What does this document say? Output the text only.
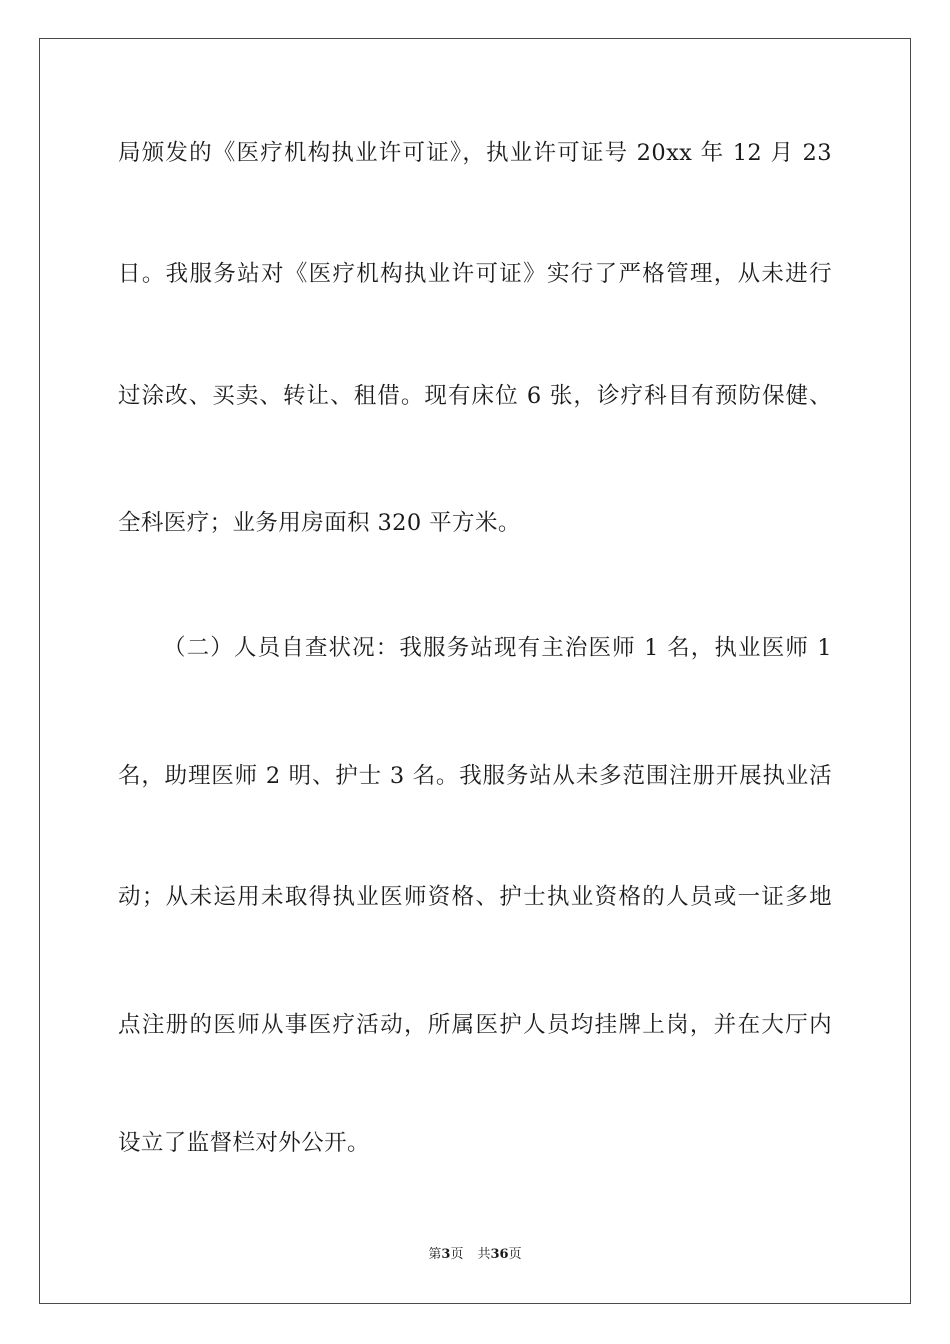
局颁发的《医疗机构执业许可证》，执业许可证号 20xx 年 12 月 23
日。我服务站对《医疗机构执业许可证》实行了严格管理，从未进行
过涂改、买卖、转让、租借。现有床位 6 张，诊疗科目有预防保健、
全科医疗；业务用房面积 320 平方米。
（二）人员自查状况：我服务站现有主治医师 1 名，执业医师 1
名，助理医师 2 明、护士 3 名。我服务站从未多范围注册开展执业活
动；从未运用未取得执业医师资格、护士执业资格的人员或一证多地
点注册的医师从事医疗活动，所属医护人员均挂牌上岗，并在大厅内
设立了监督栏对外公开。
第3页 共36页
